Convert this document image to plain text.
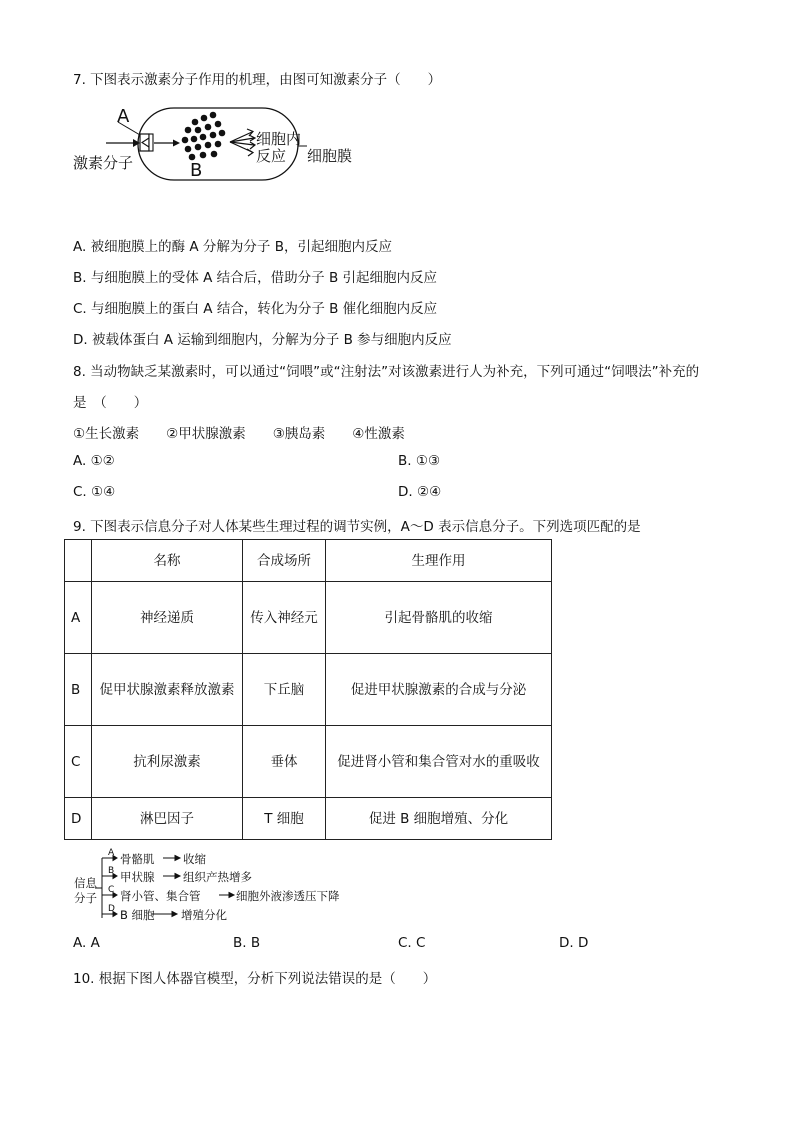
7. 下图表示激素分子作用的机理，由图可知激素分子（　　）
A
B
激素分子
细胞内
反应 细胞膜
A. 被细胞膜上的酶 A 分解为分子 B，引起细胞内反应
B. 与细胞膜上的受体 A 结合后，借助分子 B 引起细胞内反应
C. 与细胞膜上的蛋白 A 结合，转化为分子 B 催化细胞内反应
D. 被载体蛋白 A 运输到细胞内，分解为分子 B 参与细胞内反应
8. 当动物缺乏某激素时，可以通过“饲喂”或“注射法”对该激素进行人为补充，下列可通过“饲喂法”补充的
是　（　　）
①生长激素　　②甲状腺激素　　③胰岛素　　④性激素
A. ①②	B. ①③
C. ①④	D. ②④
9. 下图表示信息分子对人体某些生理过程的调节实例，A～D 表示信息分子。下列选项匹配的是
	名称	合成场所	生理作用
A	神经递质	传入神经元	引起骨骼肌的收缩
B	促甲状腺激素释放激素	下丘脑	促进甲状腺激素的合成与分泌
C	抗利尿激素	垂体	促进肾小管和集合管对水的重吸收
D	淋巴因子	T 细胞	促进 B 细胞增殖、分化
信息
分子
A 骨骼肌 收缩
B 甲状腺 组织产热增多
C 肾小管、集合管	细胞外液渗透压下降
D B 细胞 增殖分化
A. A	B. B	C. C	D. D
10. 根据下图人体器官模型，分析下列说法错误的是（　　）
